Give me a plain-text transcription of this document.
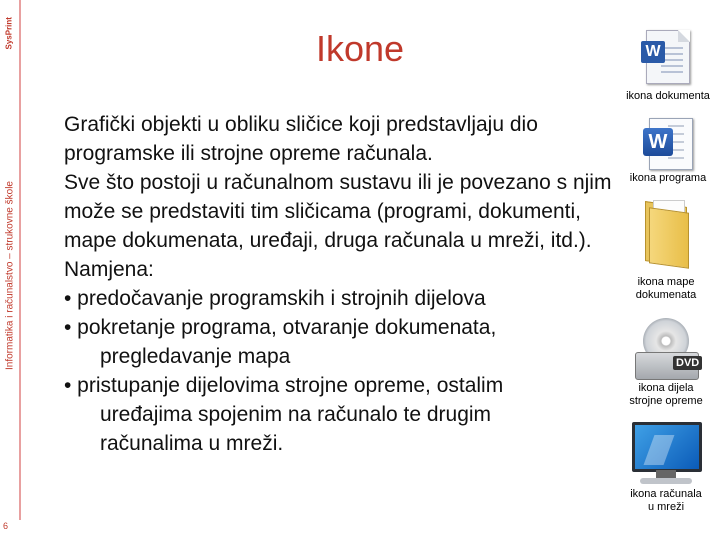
SysPrint
Informatika i računalstvo – strukovne škole
6
Ikone

Grafički objekti u obliku sličice koji predstavljaju dio programske ili strojne opreme računala.

Sve što postoji u računalnom sustavu ili je povezano s njim može se predstaviti tim sličicama (programi, dokumenti, mape dokumenata, uređaji, druga računala u mreži, itd.).

Namjena:

• predočavanje programskih i strojnih dijelova
• pokretanje programa, otvaranje dokumenata,
pregledavanje mapa
• pristupanje dijelovima strojne opreme, ostalim
uređajima spojenim na računalo te drugim
računalima u mreži.
W
ikona dokumenta
W
ikona programa
ikona mape
dokumenata
DVD
ikona dijela
strojne opreme
ikona računala
u mreži
